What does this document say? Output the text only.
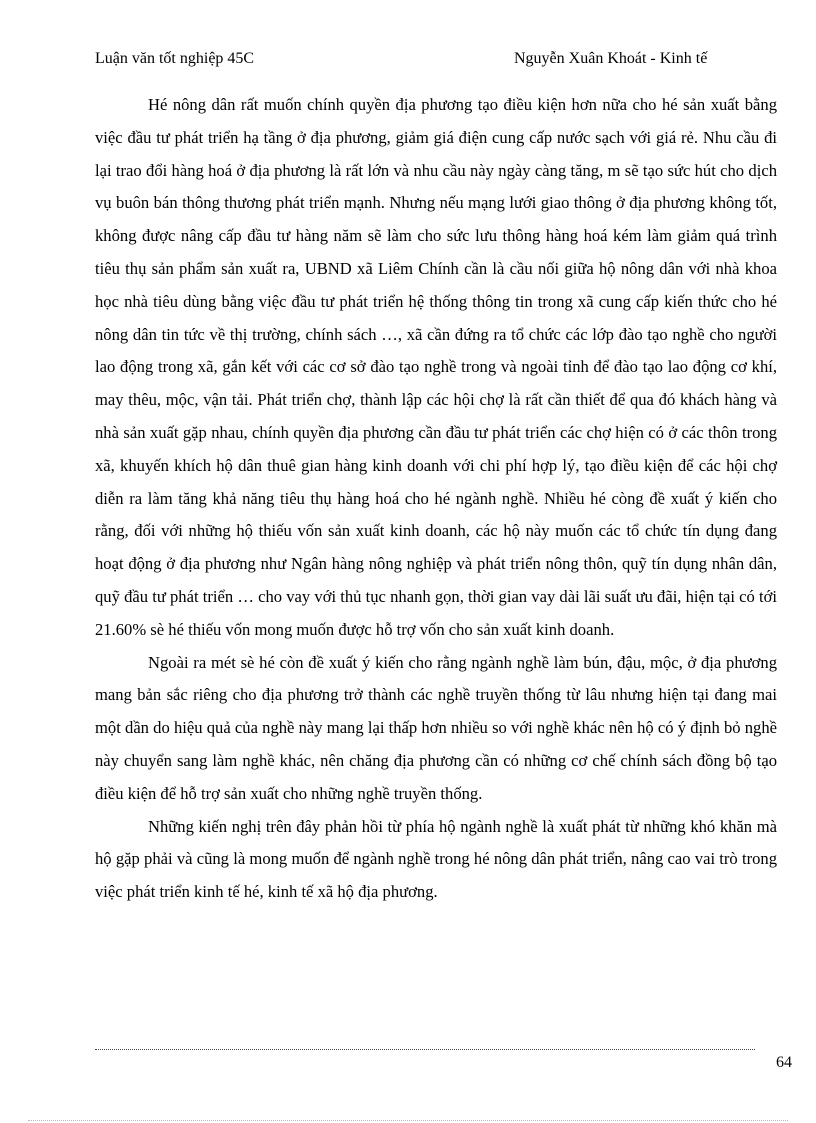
Luận văn tốt nghiệp 45C	Nguyễn Xuân Khoát - Kinh tế

Hé nông dân rất muốn chính quyền địa phương tạo điều kiện hơn nữa cho hé sản xuất bằng việc đầu tư phát triển hạ tầng ở địa phương, giảm giá điện cung cấp nước sạch với giá rẻ. Nhu cầu đi lại trao đổi hàng hoá ở địa phương là rất lớn và nhu cầu này ngày càng tăng, m sẽ tạo sức hút cho dịch vụ buôn bán thông thương phát triển mạnh. Nhưng nếu mạng lưới giao thông ở địa phương không tốt, không được nâng cấp đầu tư hàng năm sẽ làm cho sức lưu thông hàng hoá kém làm giảm quá trình tiêu thụ sản phẩm sản xuất ra, UBND xã Liêm Chính cần là cầu nối giữa hộ nông dân với nhà khoa học nhà tiêu dùng bằng việc đầu tư phát triển hệ thống thông tin trong xã cung cấp kiến thức cho hé nông dân tin tức về thị trường, chính sách …, xã cần đứng ra tổ chức các lớp đào tạo nghề cho người lao động trong xã, gắn kết với các cơ sở đào tạo nghề trong và ngoài tỉnh để đào tạo lao động cơ khí, may thêu, mộc, vận tải. Phát triển chợ, thành lập các hội chợ là rất cần thiết để qua đó khách hàng và nhà sản xuất gặp nhau, chính quyền địa phương cần đầu tư phát triển các chợ hiện có ở các thôn trong xã, khuyến khích hộ dân thuê gian hàng kinh doanh với chi phí hợp lý, tạo điều kiện để các hội chợ diễn ra làm tăng khả năng tiêu thụ hàng hoá cho hé ngành nghề. Nhiều hé còng đề xuất ý kiến cho rằng, đối với những hộ thiếu vốn sản xuất kinh doanh, các hộ này muốn các tổ chức tín dụng đang hoạt động ở địa phương như Ngân hàng nông nghiệp và phát triển nông thôn, quỹ tín dụng nhân dân, quỹ đầu tư phát triển … cho vay với thủ tục nhanh gọn, thời gian vay dài lãi suất ưu đãi, hiện tại có tới 21.60% sè hé thiếu vốn mong muốn được hỗ trợ vốn cho sản xuất kinh doanh.

Ngoài ra mét sè hé còn đề xuất ý kiến cho rằng ngành nghề làm bún, đậu, mộc, ở địa phương mang bản sắc riêng cho địa phương trở thành các nghề truyền thống từ lâu nhưng hiện tại đang mai một dần do hiệu quả của nghề này mang lại thấp hơn nhiều so với nghề khác nên hộ có ý định bỏ nghề này chuyển sang làm nghề khác, nên chăng địa phương cần có những cơ chế chính sách đồng bộ tạo điều kiện để hỗ trợ sản xuất cho những nghề truyền thống.

Những kiến nghị trên đây phản hồi từ phía hộ ngành nghề là xuất phát từ những khó khăn mà hộ gặp phải và cũng là mong muốn để ngành nghề trong hé nông dân phát triển, nâng cao vai trò trong việc phát triển kinh tế hé, kinh tế xã hộ địa phương.

64
